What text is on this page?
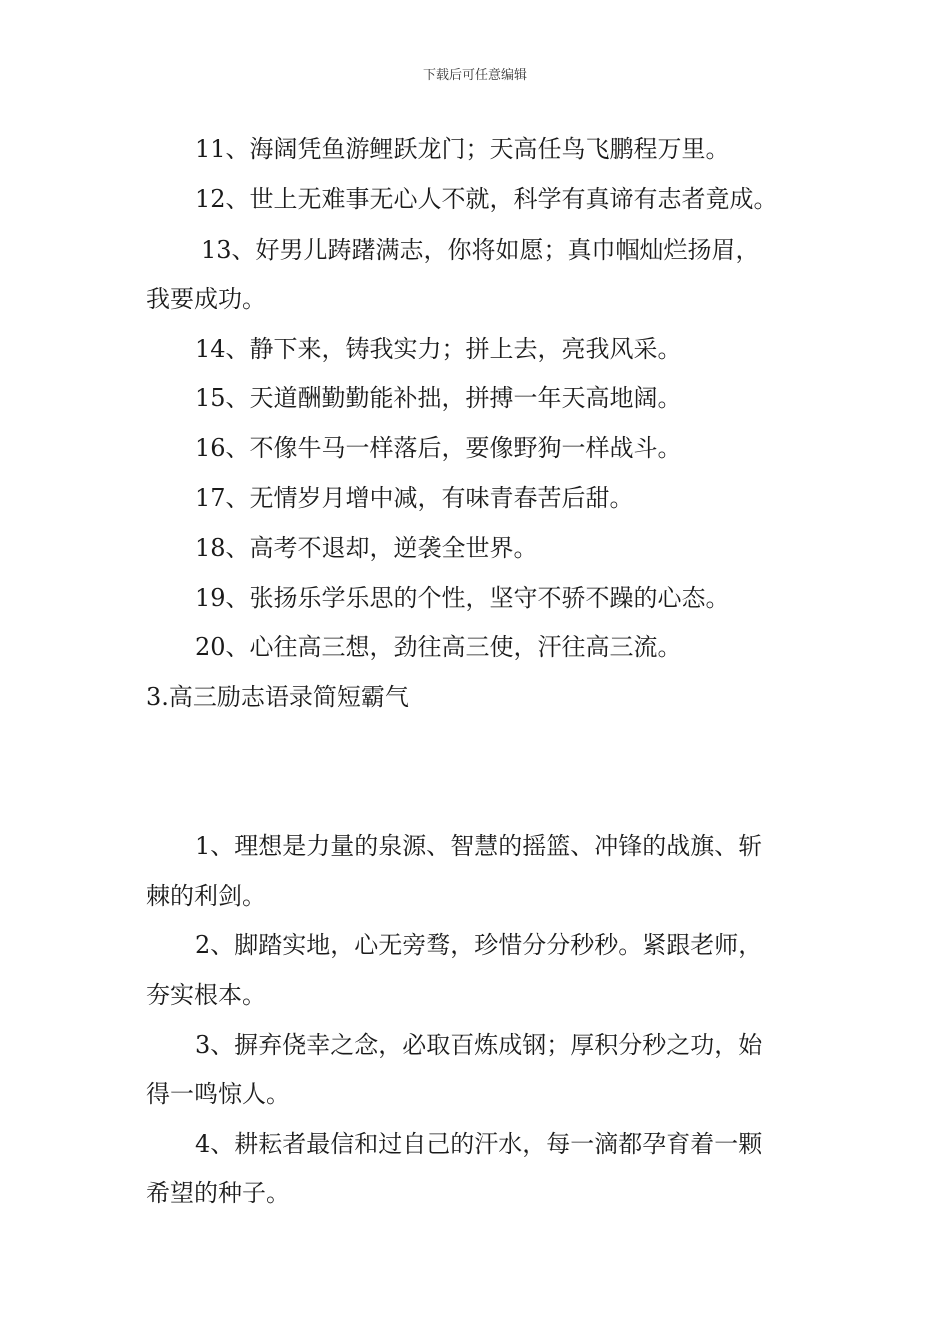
下载后可任意编辑
11、海阔凭鱼游鲤跃龙门；天高任鸟飞鹏程万里。
12、世上无难事无心人不就，科学有真谛有志者竟成。
13、好男儿踌躇满志，你将如愿；真巾帼灿烂扬眉，
我要成功。
14、静下来，铸我实力；拼上去，亮我风采。
15、天道酬勤勤能补拙，拼搏一年天高地阔。
16、不像牛马一样落后，要像野狗一样战斗。
17、无情岁月增中减，有味青春苦后甜。
18、高考不退却，逆袭全世界。
19、张扬乐学乐思的个性，坚守不骄不躁的心态。
20、心往高三想，劲往高三使，汗往高三流。
3.高三励志语录简短霸气
1、理想是力量的泉源、智慧的摇篮、冲锋的战旗、斩
棘的利剑。
2、脚踏实地，心无旁骛，珍惜分分秒秒。紧跟老师，
夯实根本。
3、摒弃侥幸之念，必取百炼成钢；厚积分秒之功，始
得一鸣惊人。
4、耕耘者最信和过自己的汗水，每一滴都孕育着一颗
希望的种子。
